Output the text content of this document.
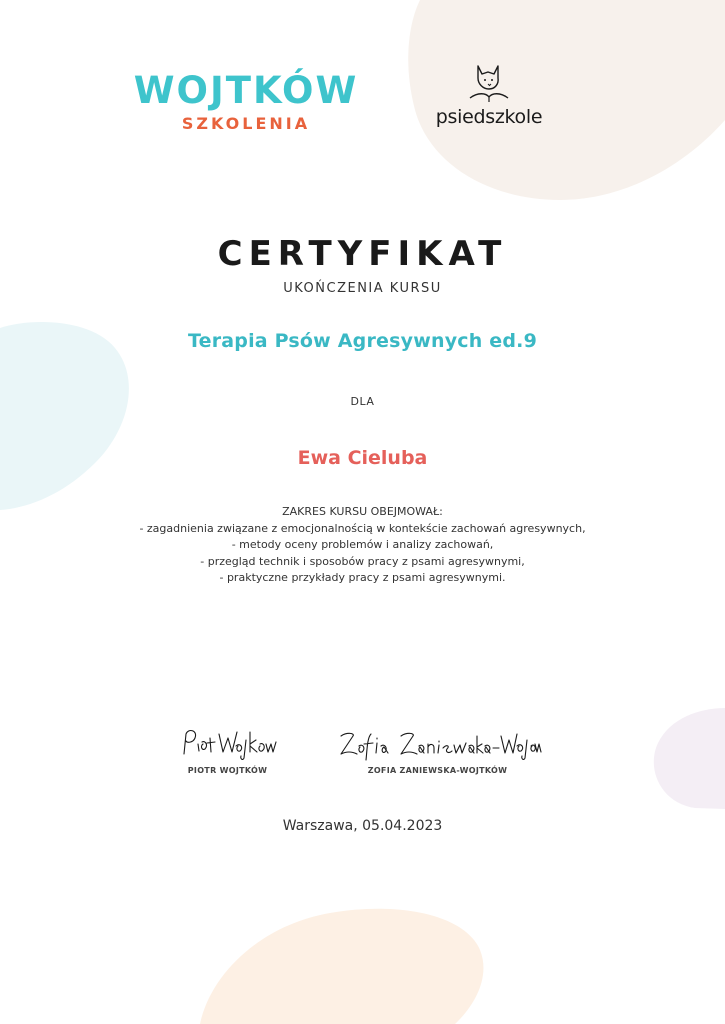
WOJTKÓW
SZKOLENIA	psiedszkole
CERTYFIKAT
UKOŃCZENIA KURSU
Terapia Psów Agresywnych ed.9
DLA
Ewa Cieluba
ZAKRES KURSU OBEJMOWAŁ:
- zagadnienia związane z emocjonalnością w kontekście zachowań agresywnych,
- metody oceny problemów i analizy zachowań,
- przegląd technik i sposobów pracy z psami agresywnymi,
- praktyczne przykłady pracy z psami agresywnymi.
PIOTR WOJTKÓW	ZOFIA ZANIEWSKA-WOJTKÓW
Warszawa, 05.04.2023
